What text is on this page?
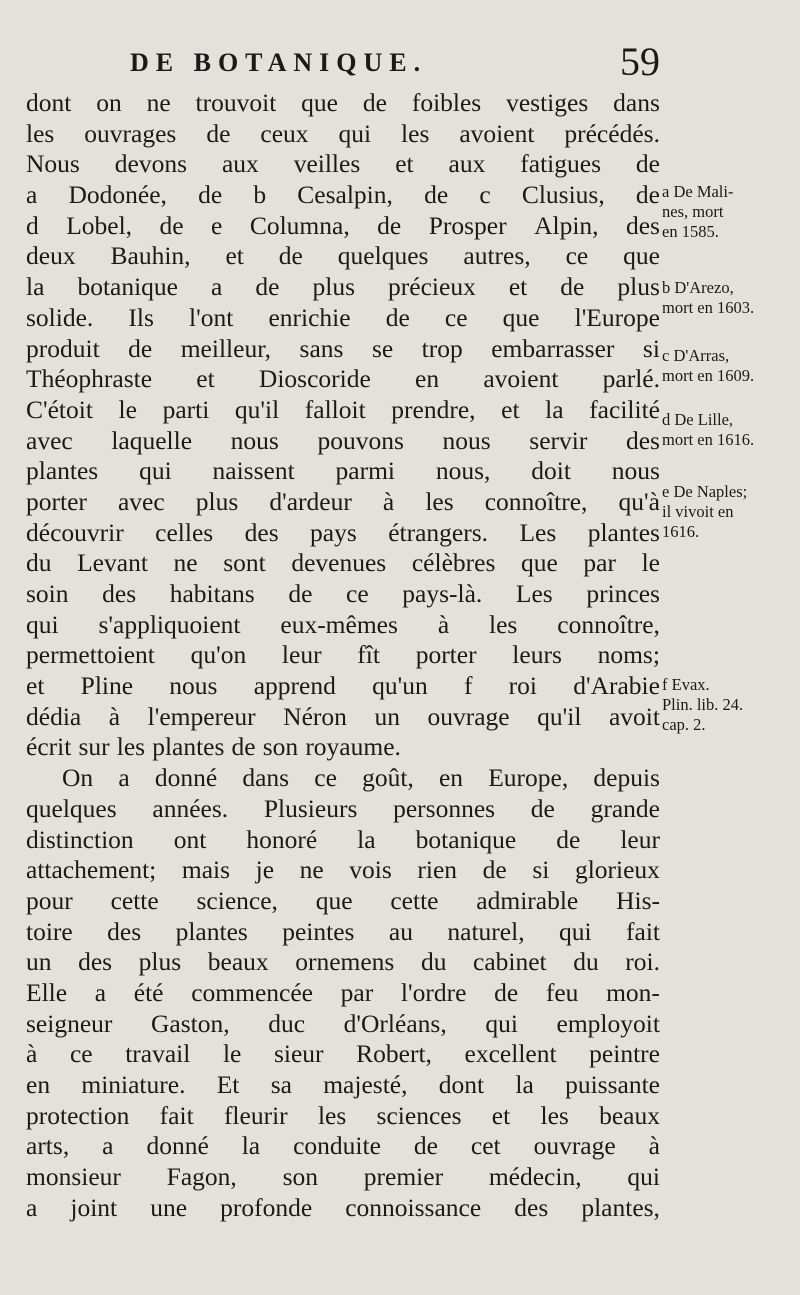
DE BOTANIQUE.	59
dont on ne trouvoit que de foibles vestiges dans
les ouvrages de ceux qui les avoient précédés.
Nous devons aux veilles et aux fatigues de
a Dodonée, de b Cesalpin, de c Clusius, de
d Lobel, de e Columna, de Prosper Alpin, des
deux Bauhin, et de quelques autres, ce que
la botanique a de plus précieux et de plus
solide. Ils l'ont enrichie de ce que l'Europe
produit de meilleur, sans se trop embarrasser si
Théophraste et Dioscoride en avoient parlé.
C'étoit le parti qu'il falloit prendre, et la facilité
avec laquelle nous pouvons nous servir des
plantes qui naissent parmi nous, doit nous
porter avec plus d'ardeur à les connoître, qu'à
découvrir celles des pays étrangers. Les plantes
du Levant ne sont devenues célèbres que par le
soin des habitans de ce pays-là. Les princes
qui s'appliquoient eux-mêmes à les connoître,
permettoient qu'on leur fît porter leurs noms;
et Pline nous apprend qu'un f roi d'Arabie
dédia à l'empereur Néron un ouvrage qu'il avoit
écrit sur les plantes de son royaume.
On a donné dans ce goût, en Europe, depuis
quelques années. Plusieurs personnes de grande
distinction ont honoré la botanique de leur
attachement; mais je ne vois rien de si glorieux
pour cette science, que cette admirable His-
toire des plantes peintes au naturel, qui fait
un des plus beaux ornemens du cabinet du roi.
Elle a été commencée par l'ordre de feu mon-
seigneur Gaston, duc d'Orléans, qui employoit
à ce travail le sieur Robert, excellent peintre
en miniature. Et sa majesté, dont la puissante
protection fait fleurir les sciences et les beaux
arts, a donné la conduite de cet ouvrage à
monsieur Fagon, son premier médecin, qui
a joint une profonde connoissance des plantes,
a De Mali-
nes, mort
en 1585.
b D'Arezo,
mort en 1603.
c D'Arras,
mort en 1609.
d De Lille,
mort en 1616.
e De Naples;
il vivoit en
1616.
f Evax.
Plin. lib. 24.
cap. 2.
